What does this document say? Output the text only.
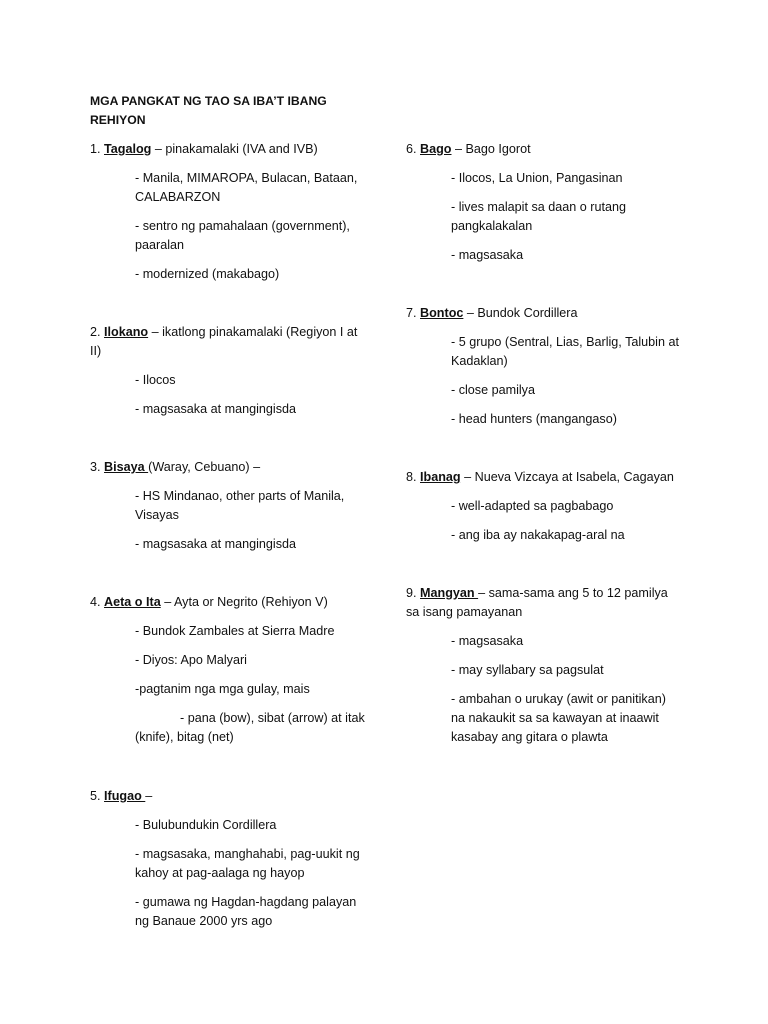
MGA PANGKAT NG TAO SA IBA’T IBANG REHIYON

1. Tagalog – pinakamalaki (IVA and IVB)

- Manila, MIMAROPA, Bulacan, Bataan, CALABARZON

- sentro ng pamahalaan (government), paaralan

- modernized (makabago)

2. Ilokano – ikatlong pinakamalaki (Regiyon I at II)

- Ilocos

- magsasaka at mangingisda

3. Bisaya (Waray, Cebuano) –

- HS Mindanao, other parts of Manila, Visayas

- magsasaka at mangingisda

4. Aeta o Ita – Ayta or Negrito (Rehiyon V)

- Bundok Zambales at Sierra Madre

- Diyos: Apo Malyari

-pagtanim nga mga gulay, mais

- pana (bow), sibat (arrow) at itak (knife), bitag (net)

5. Ifugao –

- Bulubundukin Cordillera

- magsasaka, manghahabi, pag-uukit ng kahoy at pag-aalaga ng hayop

- gumawa ng Hagdan-hagdang palayan ng Banaue 2000 yrs ago

6. Bago – Bago Igorot

- Ilocos, La Union, Pangasinan

- lives malapit sa daan o rutang pangkalakalan

- magsasaka

7. Bontoc – Bundok Cordillera

- 5 grupo (Sentral, Lias, Barlig, Talubin at Kadaklan)

- close pamilya

- head hunters (mangangaso)

8. Ibanag – Nueva Vizcaya at Isabela, Cagayan

- well-adapted sa pagbabago

- ang iba ay nakakapag-aral na

9. Mangyan – sama-sama ang 5 to 12 pamilya sa isang pamayanan

- magsasaka

- may syllabary sa pagsulat

- ambahan o urukay (awit or panitikan) na nakaukit sa sa kawayan at inaawit kasabay ang gitara o plawta
